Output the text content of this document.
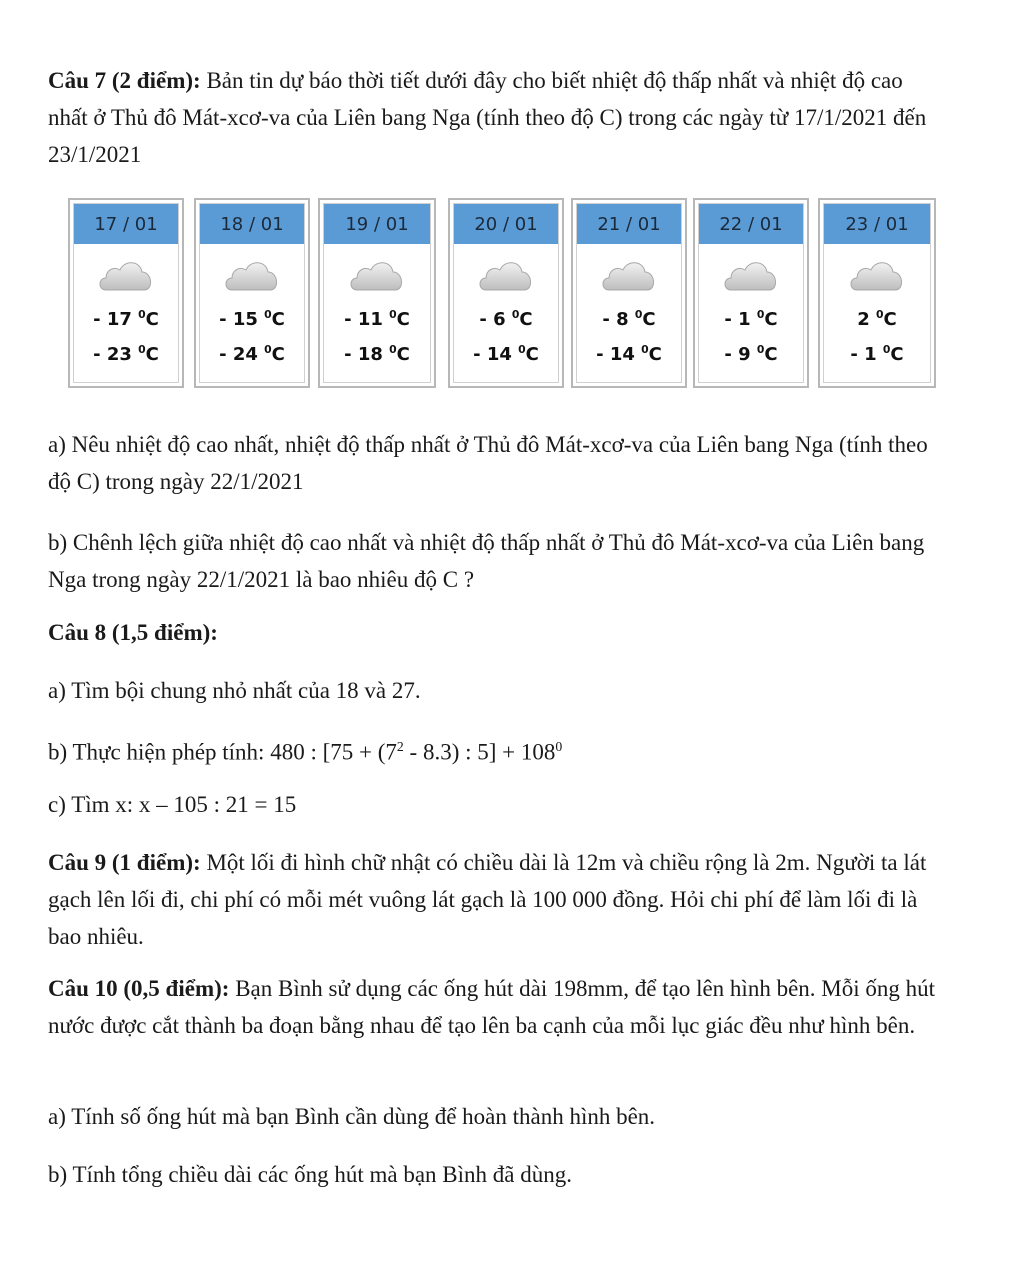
Câu 7 (2 điểm): Bản tin dự báo thời tiết dưới đây cho biết nhiệt độ thấp nhất và nhiệt độ cao nhất ở Thủ đô Mát-xcơ-va của Liên bang Nga (tính theo độ C) trong các ngày từ 17/1/2021 đến 23/1/2021

17 / 01
- 17 $^0$C
- 23 $^0$C
18 / 01
- 15 $^0$C
- 24 $^0$C
19 / 01
- 11 $^0$C
- 18 $^0$C
20 / 01
- 6 $^0$C
- 14 $^0$C
21 / 01
- 8 $^0$C
- 14 $^0$C
22 / 01
- 1 $^0$C
- 9 $^0$C
23 / 01
2 $^0$C
- 1 $^0$C

a) Nêu nhiệt độ cao nhất, nhiệt độ thấp nhất ở Thủ đô Mát-xcơ-va của Liên bang Nga (tính theo độ C) trong ngày 22/1/2021

b) Chênh lệch giữa nhiệt độ cao nhất và nhiệt độ thấp nhất ở Thủ đô Mát-xcơ-va của Liên bang Nga trong ngày 22/1/2021 là bao nhiêu độ C ?

Câu 8 (1,5 điểm):

a) Tìm bội chung nhỏ nhất của 18 và 27.

b) Thực hiện phép tính: 480 : [$75 + (7^2 - 8.3)$ : $5] + 108^0$

c) Tìm x: x – 105 : 21 = 15

Câu 9 (1 điểm): Một lối đi hình chữ nhật có chiều dài là 12m và chiều rộng là 2m. Người ta lát gạch lên lối đi, chi phí có mỗi mét vuông lát gạch là 100 000 đồng. Hỏi chi phí để làm lối đi là bao nhiêu.

Câu 10 (0,5 điểm): Bạn Bình sử dụng các ống hút dài 198mm, để tạo lên hình bên. Mỗi ống hút nước được cắt thành ba đoạn bằng nhau để tạo lên ba cạnh của mỗi lục giác đều như hình bên.

a) Tính số ống hút mà bạn Bình cần dùng để hoàn thành hình bên.

b) Tính tổng chiều dài các ống hút mà bạn Bình đã dùng.
